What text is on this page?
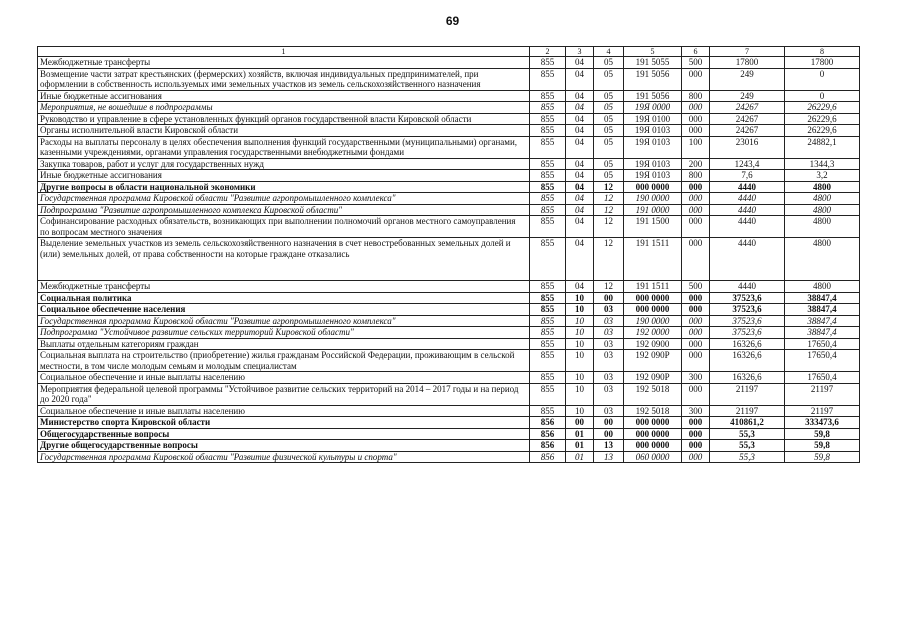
69
1	2	3	4	5	6	7	8
Межбюджетные трансферты	855	04	05	191 5055	500	17800	17800
Возмещение части затрат крестьянских (фермерских) хозяйств, включая индивидуальных предпринимателей, при оформлении в собственность используемых ими земельных участков из земель сельскохозяйственного назначения	855	04	05	191 5056	000	249	0
Иные бюджетные ассигнования	855	04	05	191 5056	800	249	0
Мероприятия, не вошедшие в подпрограммы	855	04	05	19Я 0000	000	24267	26229,6
Руководство и управление в сфере установленных функций органов государственной власти Кировской области	855	04	05	19Я 0100	000	24267	26229,6
Органы исполнительной власти Кировской области	855	04	05	19Я 0103	000	24267	26229,6
Расходы на выплаты персоналу в целях обеспечения выполнения функций государственными (муниципальными) органами, казенными учреждениями, органами управления государственными внебюджетными фондами	855	04	05	19Я 0103	100	23016	24882,1
Закупка товаров, работ и услуг для государственных нужд	855	04	05	19Я 0103	200	1243,4	1344,3
Иные бюджетные ассигнования	855	04	05	19Я 0103	800	7,6	3,2
Другие вопросы в области национальной экономики	855	04	12	000 0000	000	4440	4800
Государственная программа Кировской области "Развитие агропромышленного комплекса"	855	04	12	190 0000	000	4440	4800
Подпрограмма "Развитие агропромышленного комплекса Кировской области"	855	04	12	191 0000	000	4440	4800
Софинансирование расходных обязательств, возникающих при выполнении полномочий органов местного самоуправления по вопросам местного значения	855	04	12	191 1500	000	4440	4800
Выделение земельных участков из земель сельскохозяйственного назначения в счет невостребованных земельных долей и (или) земельных долей, от права собственности на которые граждане отказались	855	04	12	191 1511	000	4440	4800
Межбюджетные трансферты	855	04	12	191 1511	500	4440	4800
Социальная политика	855	10	00	000 0000	000	37523,6	38847,4
Социальное обеспечение населения	855	10	03	000 0000	000	37523,6	38847,4
Государственная программа Кировской области "Развитие агропромышленного комплекса"	855	10	03	190 0000	000	37523,6	38847,4
Подпрограмма "Устойчивое развитие сельских территорий Кировской области"	855	10	03	192 0000	000	37523,6	38847,4
Выплаты отдельным категориям граждан	855	10	03	192 0900	000	16326,6	17650,4
Социальная выплата на строительство (приобретение) жилья гражданам Российской Федерации, проживающим в сельской местности, в том числе молодым семьям и молодым специалистам	855	10	03	192 090P	000	16326,6	17650,4
Социальное обеспечение и иные выплаты населению	855	10	03	192 090P	300	16326,6	17650,4
Мероприятия федеральной целевой программы "Устойчивое развитие сельских территорий на 2014 – 2017 годы и на период до 2020 года"	855	10	03	192 5018	000	21197	21197
Социальное обеспечение и иные выплаты населению	855	10	03	192 5018	300	21197	21197
Министерство спорта Кировской области	856	00	00	000 0000	000	410861,2	333473,6
Общегосударственные вопросы	856	01	00	000 0000	000	55,3	59,8
Другие общегосударственные вопросы	856	01	13	000 0000	000	55,3	59,8
Государственная программа Кировской области "Развитие физической культуры и спорта"	856	01	13	060 0000	000	55,3	59,8
